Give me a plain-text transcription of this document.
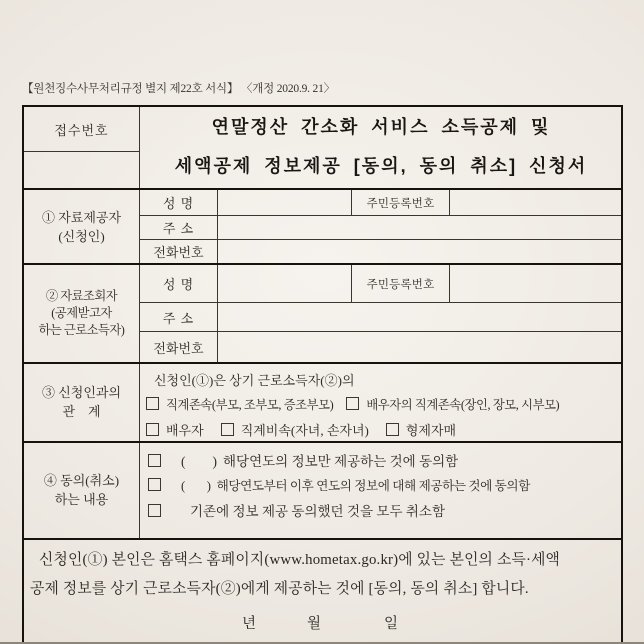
【원천징수사무처리규정 별지 제22호 서식】 〈개정 2020.9. 21〉
접수번호	연말정산 간소화 서비스 소득공제 및
세액공제 정보제공 [동의, 동의 취소] 신청서
① 자료제공자
(신청인)
성 명	주민등록번호
주 소
전화번호
② 자료조회자
(공제받고자
하는 근로소득자)
성 명	주민등록번호
주 소
전화번호
③ 신청인과의
관    계
신청인(①)은 상기 근로소득자(②)의
직계존속(부모, 조부모, 증조부모)	배우자의 직계존속(장인, 장모, 시부모)
배우자	직계비속(자녀, 손자녀)	형제자매
④ 동의(취소)
하는 내용
(        ) 해당연도의 정보만 제공하는 것에 동의함
(        ) 해당연도부터 이후 연도의 정보에 대해 제공하는 것에 동의함
기존에 정보 제공 동의했던 것을 모두 취소함
신청인(①) 본인은 홈택스 홈페이지(www.hometax.go.kr)에 있는 본인의 소득·세액
공제 정보를 상기 근로소득자(②)에게 제공하는 것에 [동의, 동의 취소] 합니다.
년	월	일
